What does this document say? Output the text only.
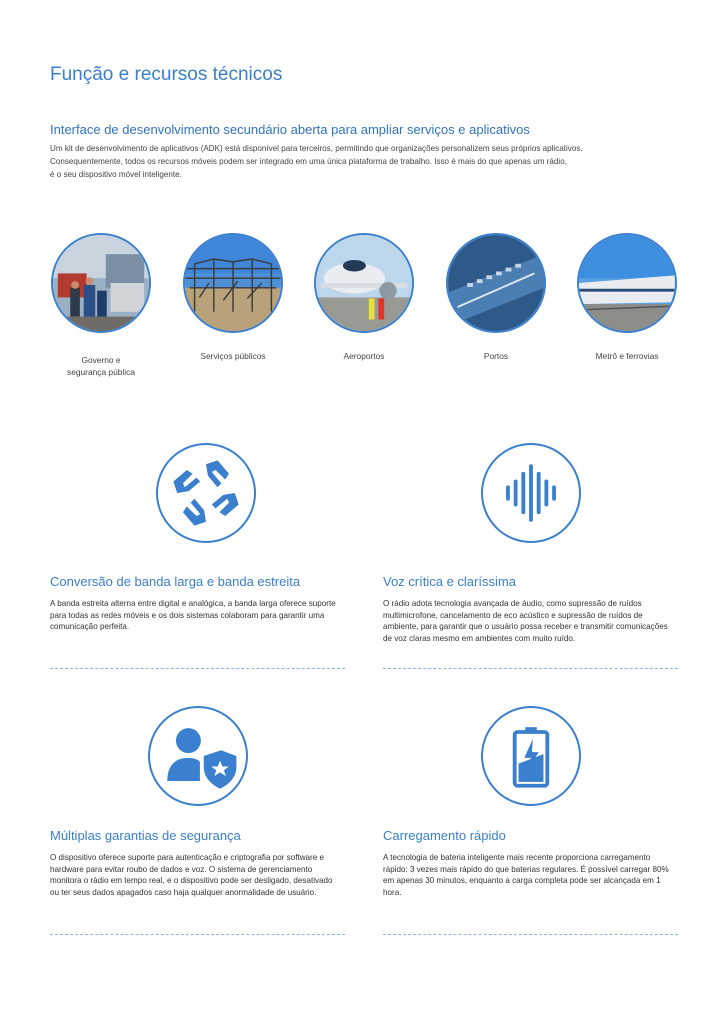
Função e recursos técnicos
Interface de desenvolvimento secundário aberta para ampliar serviços e aplicativos

Um kit de desenvolvimento de aplicativos (ADK) está disponível para terceiros, permitindo que organizações personalizem seus próprios aplicativos.

Consequentemente, todos os recursos móveis podem ser integrado em uma única plataforma de trabalho. Isso é mais do que apenas um rádio,

é o seu dispositivo móvel inteligente.

Governo e
segurança pública
Serviços públicos	Aeroportos	Portos	Metrô e ferrovias
Conversão de banda larga e banda estreita

A banda estreita alterna entre digital e analógica, a banda larga oferece suporte para todas as redes móveis e os dois sistemas colaboram para garantir uma comunicação perfeita.

Voz crítica e claríssima

O rádio adota tecnologia avançada de áudio, como supressão de ruídos multimicrofone, cancelamento de eco acústico e supressão de ruídos de ambiente, para garantir que o usuário possa receber e transmitir comunicações de voz claras mesmo em ambientes com muito ruído.

Múltiplas garantias de segurança

O dispositivo oferece suporte para autenticação e criptografia por software e hardware para evitar roubo de dados e voz. O sistema de gerenciamento monitora o rádio em tempo real, e o dispositivo pode ser desligado, desativado ou ter seus dados apagados caso haja qualquer anormalidade de usuário.

Carregamento rápido

A tecnologia de bateria inteligente mais recente proporciona carregamento rápido: 3 vezes mais rápido do que baterias regulares. É possível carregar 80% em apenas 30 minutos, enquanto a carga completa pode ser alcançada em 1 hora.
